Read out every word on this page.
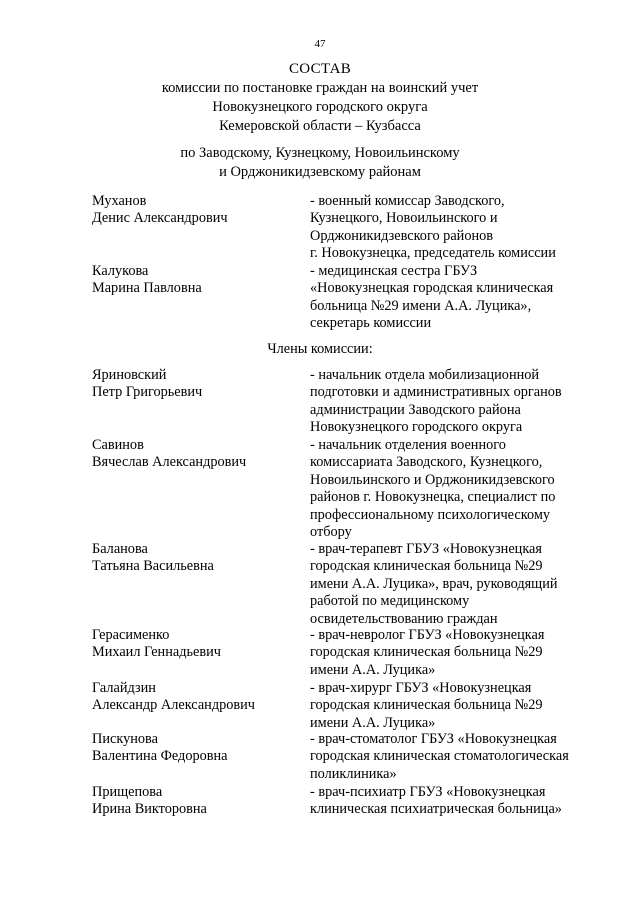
47
СОСТАВ
комиссии по постановке граждан на воинский учет
Новокузнецкого городского округа
Кемеровской области – Кузбасса
по Заводскому, Кузнецкому, Новоильинскому
и Орджоникидзевскому районам
Муханов
Денис Александрович
- военный комиссар Заводского,
Кузнецкого, Новоильинского и
Орджоникидзевского районов
г. Новокузнецка, председатель комиссии
Калукова
Марина Павловна
- медицинская сестра ГБУЗ
«Новокузнецкая городская клиническая
больница №29 имени А.А. Луцика»,
секретарь комиссии
Члены комиссии:
Яриновский
Петр Григорьевич
- начальник отдела мобилизационной
подготовки и административных органов
администрации Заводского района
Новокузнецкого городского округа
Савинов
Вячеслав Александрович
- начальник отделения военного
комиссариата Заводского, Кузнецкого,
Новоильинского и Орджоникидзевского
районов г. Новокузнецка, специалист по
профессиональному психологическому
отбору
Баланова
Татьяна Васильевна
- врач-терапевт ГБУЗ «Новокузнецкая
городская клиническая больница №29
имени А.А. Луцика», врач, руководящий
работой по медицинскому
освидетельствованию граждан
Герасименко
Михаил Геннадьевич
- врач-невролог ГБУЗ «Новокузнецкая
городская клиническая больница №29
имени А.А. Луцика»
Галайдзин
Александр Александрович
- врач-хирург ГБУЗ «Новокузнецкая
городская клиническая больница №29
имени А.А. Луцика»
Пискунова
Валентина Федоровна
- врач-стоматолог ГБУЗ «Новокузнецкая
городская клиническая стоматологическая
поликлиника»
Прищепова
Ирина Викторовна
- врач-психиатр ГБУЗ «Новокузнецкая
клиническая психиатрическая больница»
